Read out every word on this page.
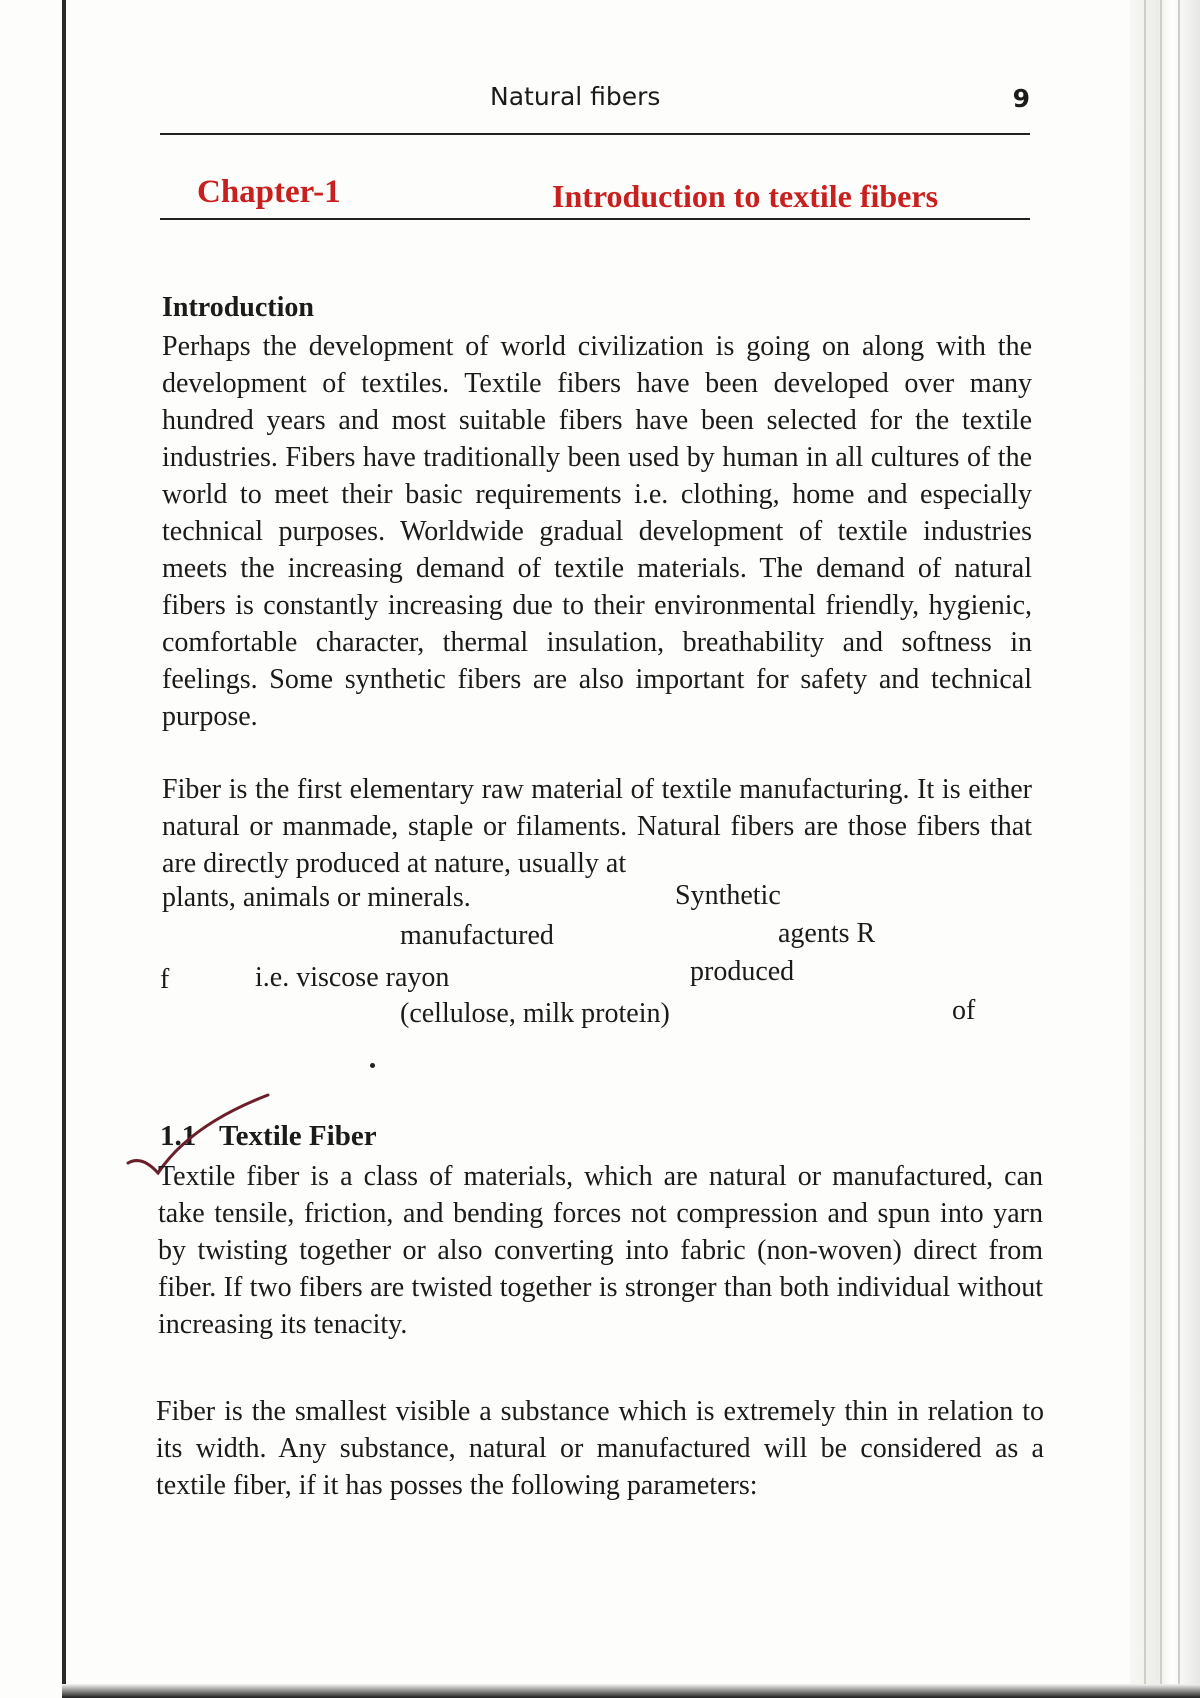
Natural fibers	9
Chapter-1	Introduction to textile fibers

Introduction

Perhaps the development of world civilization is going on along with the development of textiles. Textile fibers have been developed over many hundred years and most suitable fibers have been selected for the textile industries. Fibers have traditionally been used by human in all cultures of the world to meet their basic requirements i.e. clothing, home and especially technical purposes. Worldwide gradual development of textile industries meets the increasing demand of textile materials. The demand of natural fibers is constantly increasing due to their environmental friendly, hygienic, comfortable character, thermal insulation, breathability and softness in feelings. Some synthetic fibers are also important for safety and technical purpose.

Fiber is the first elementary raw material of textile manufacturing. It is either natural or manmade, staple or filaments. Natural fibers are those fibers that are directly produced at nature, usually at

plants, animals or minerals.	Synthetic
manufactured	agents R
f	i.e. viscose rayon	produced
(cellulose, milk protein)	of
1.1 Textile Fiber

Textile fiber is a class of materials, which are natural or manufactured, can take tensile, friction, and bending forces not compression and spun into yarn by twisting together or also converting into fabric (non-woven) direct from fiber. If two fibers are twisted together is stronger than both individual without increasing its tenacity.

Fiber is the smallest visible a substance which is extremely thin in relation to its width. Any substance, natural or manufactured will be considered as a textile fiber, if it has posses the following parameters:
